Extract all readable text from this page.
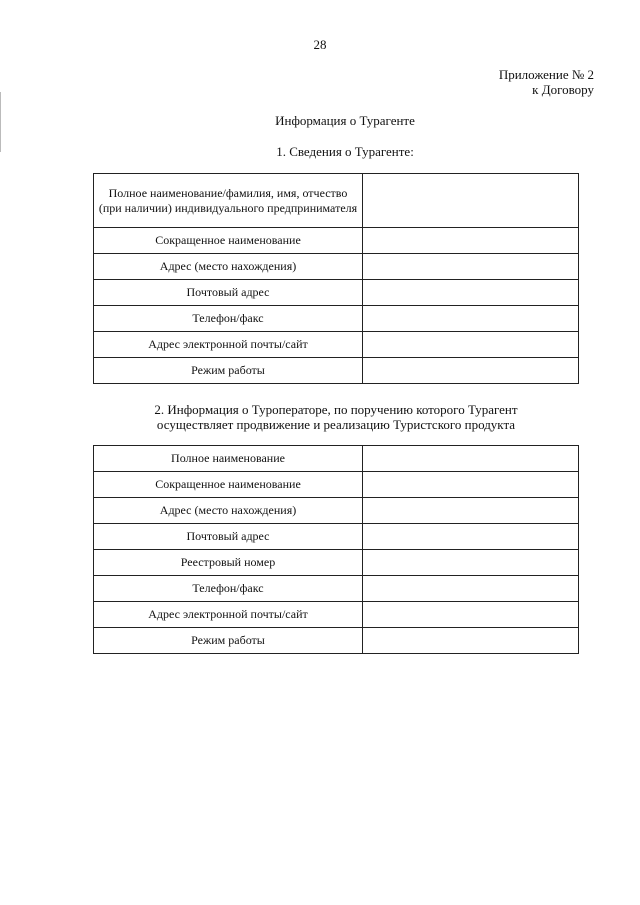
28
Приложение № 2
к Договору
Информация о Турагенте
1. Сведения о Турагенте:
Полное наименование/фамилия, имя, отчество (при наличии) индивидуального предпринимателя	
Сокращенное наименование	
Адрес (место нахождения)	
Почтовый адрес	
Телефон/факс	
Адрес электронной почты/сайт	
Режим работы	
2. Информация о Туроператоре, по поручению которого Турагент
осуществляет продвижение и реализацию Туристского продукта
Полное наименование	
Сокращенное наименование	
Адрес (место нахождения)	
Почтовый адрес	
Реестровый номер	
Телефон/факс	
Адрес электронной почты/сайт	
Режим работы	
